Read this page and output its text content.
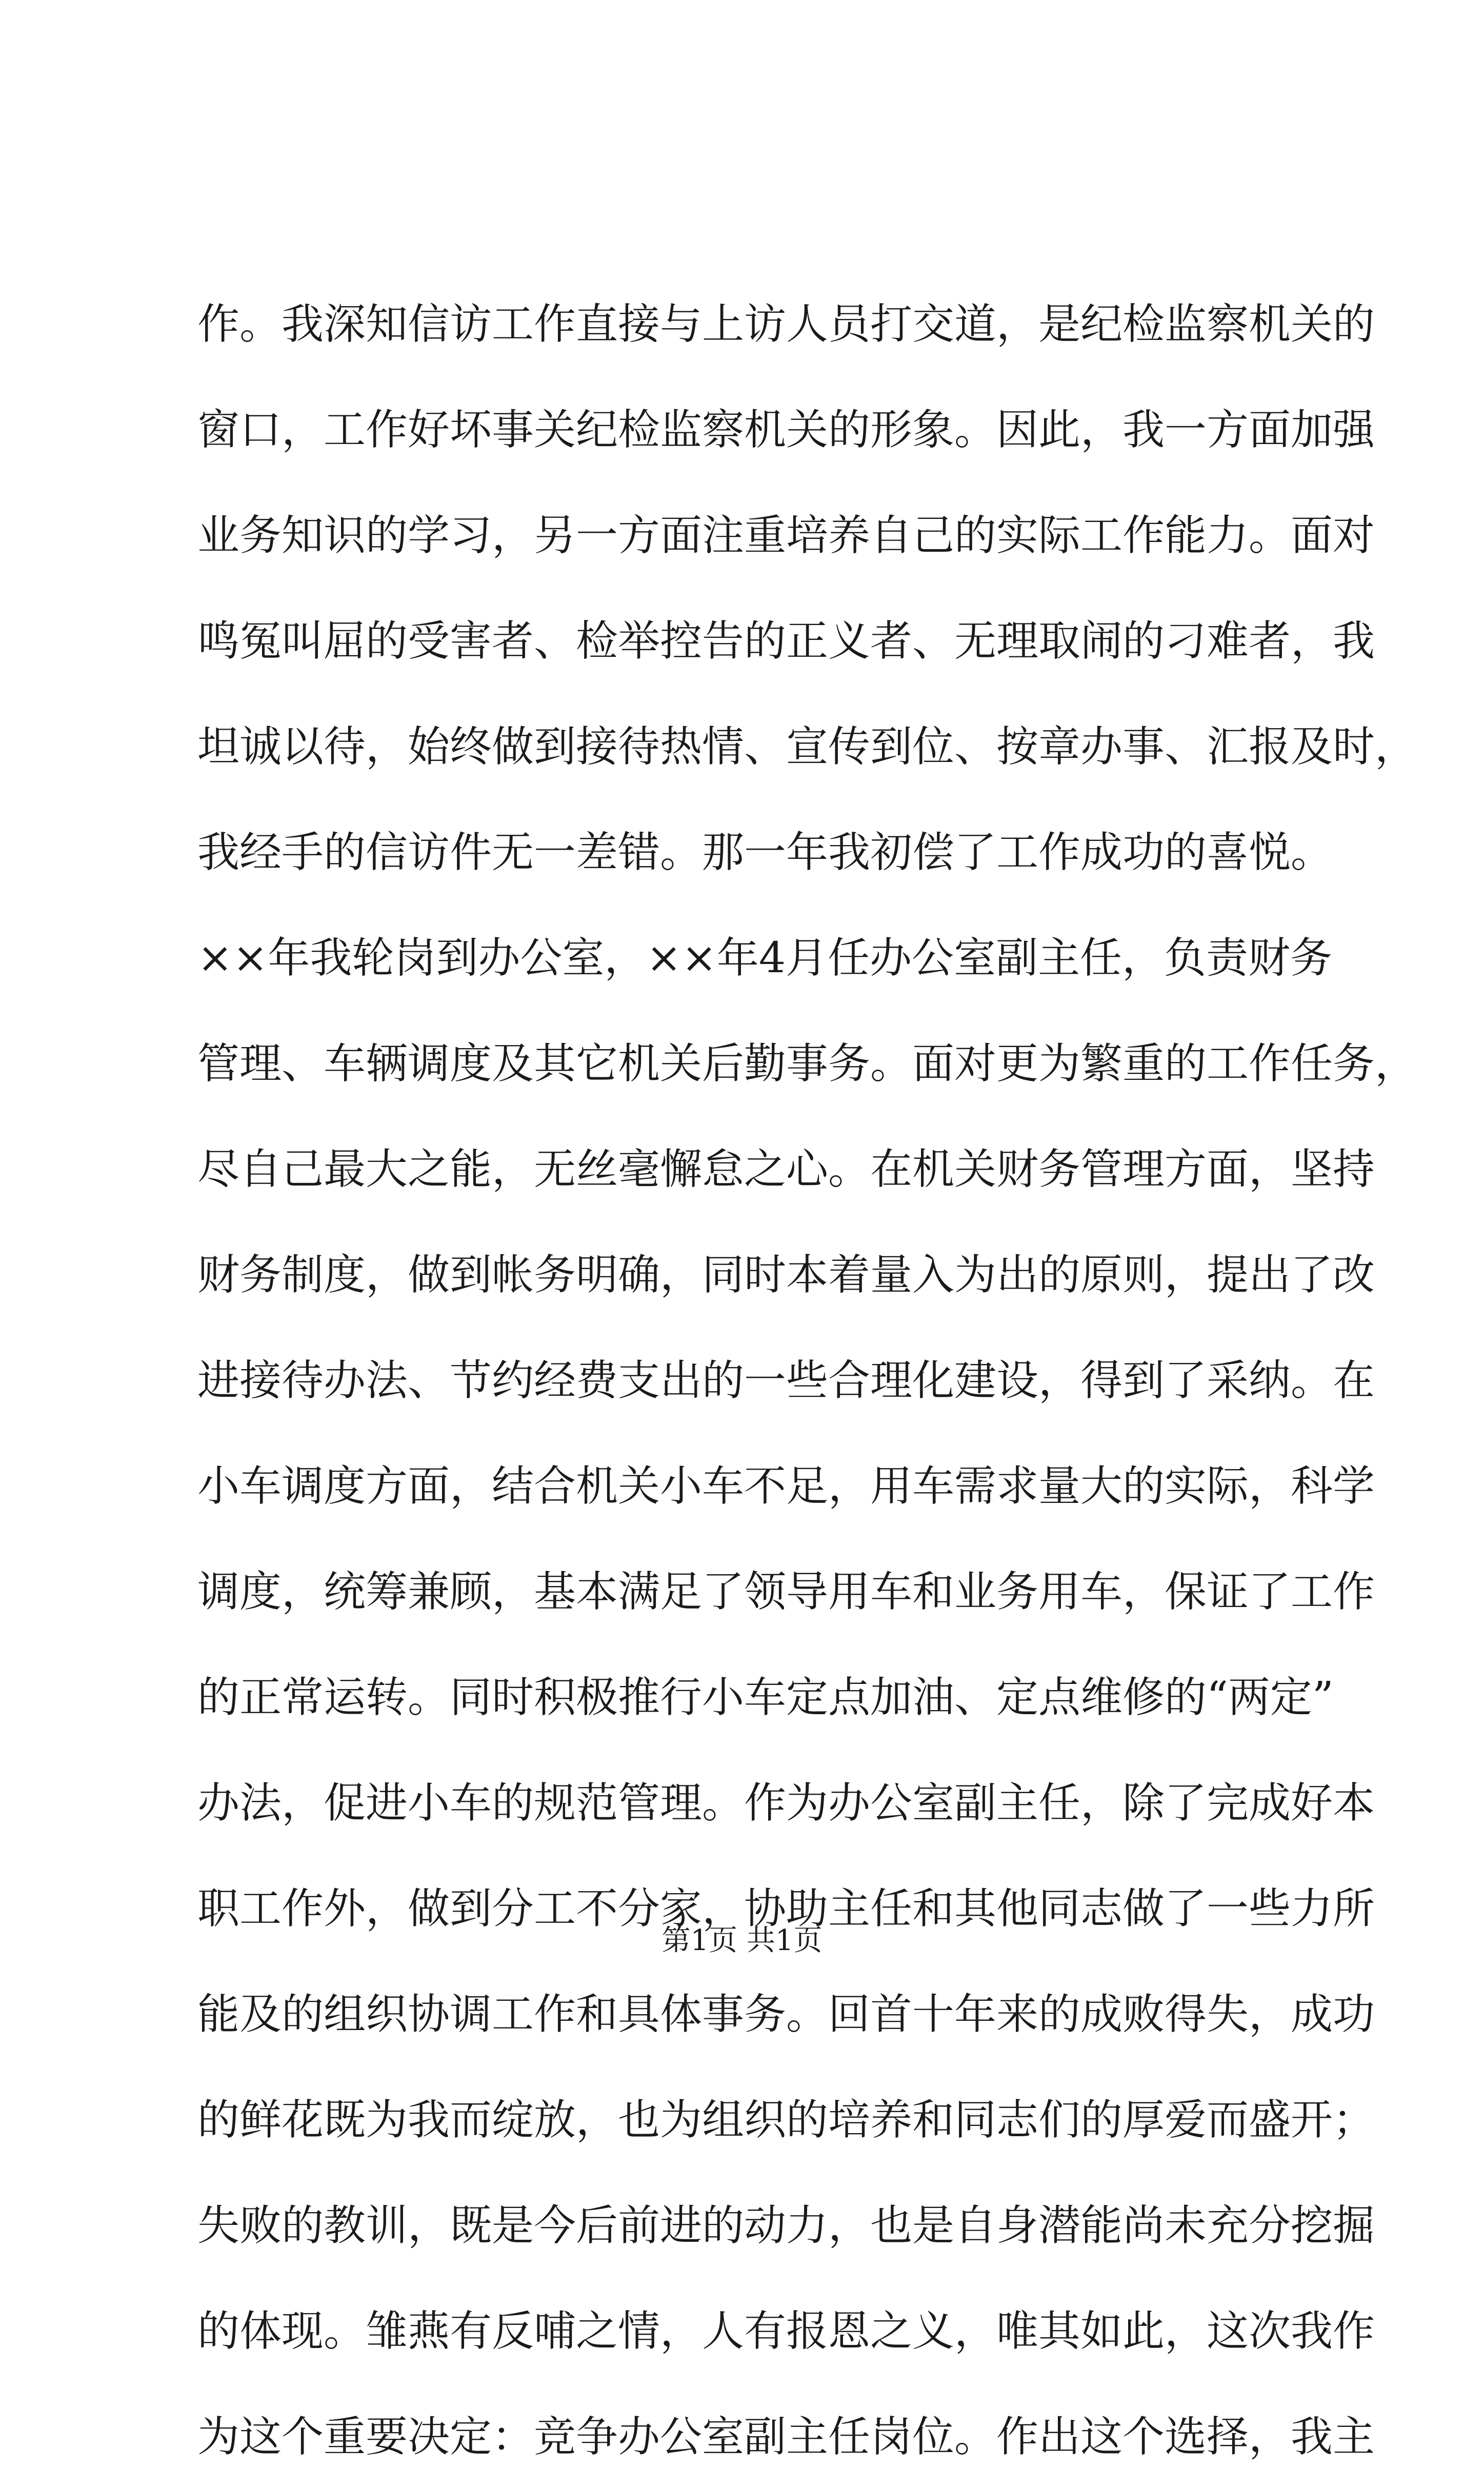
作。我深知信访工作直接与上访人员打交道，是纪检监察机关的
窗口，工作好坏事关纪检监察机关的形象。因此，我一方面加强
业务知识的学习，另一方面注重培养自己的实际工作能力。面对
鸣冤叫屈的受害者、检举控告的正义者、无理取闹的刁难者，我
坦诚以待，始终做到接待热情、宣传到位、按章办事、汇报及时，
我经手的信访件无一差错。那一年我初偿了工作成功的喜悦。
××年我轮岗到办公室，××年4月任办公室副主任，负责财务
管理、车辆调度及其它机关后勤事务。面对更为繁重的工作任务，
尽自己最大之能，无丝毫懈怠之心。在机关财务管理方面，坚持
财务制度，做到帐务明确，同时本着量入为出的原则，提出了改
进接待办法、节约经费支出的一些合理化建设，得到了采纳。在
小车调度方面，结合机关小车不足，用车需求量大的实际，科学
调度，统筹兼顾，基本满足了领导用车和业务用车，保证了工作
的正常运转。同时积极推行小车定点加油、定点维修的“两定”
办法，促进小车的规范管理。作为办公室副主任，除了完成好本
职工作外，做到分工不分家，协助主任和其他同志做了一些力所
能及的组织协调工作和具体事务。回首十年来的成败得失，成功
的鲜花既为我而绽放，也为组织的培养和同志们的厚爱而盛开；
失败的教训，既是今后前进的动力，也是自身潜能尚未充分挖掘
的体现。雏燕有反哺之情，人有报恩之义，唯其如此，这次我作
为这个重要决定：竞争办公室副主任岗位。作出这个选择，我主
第1页 共1页
